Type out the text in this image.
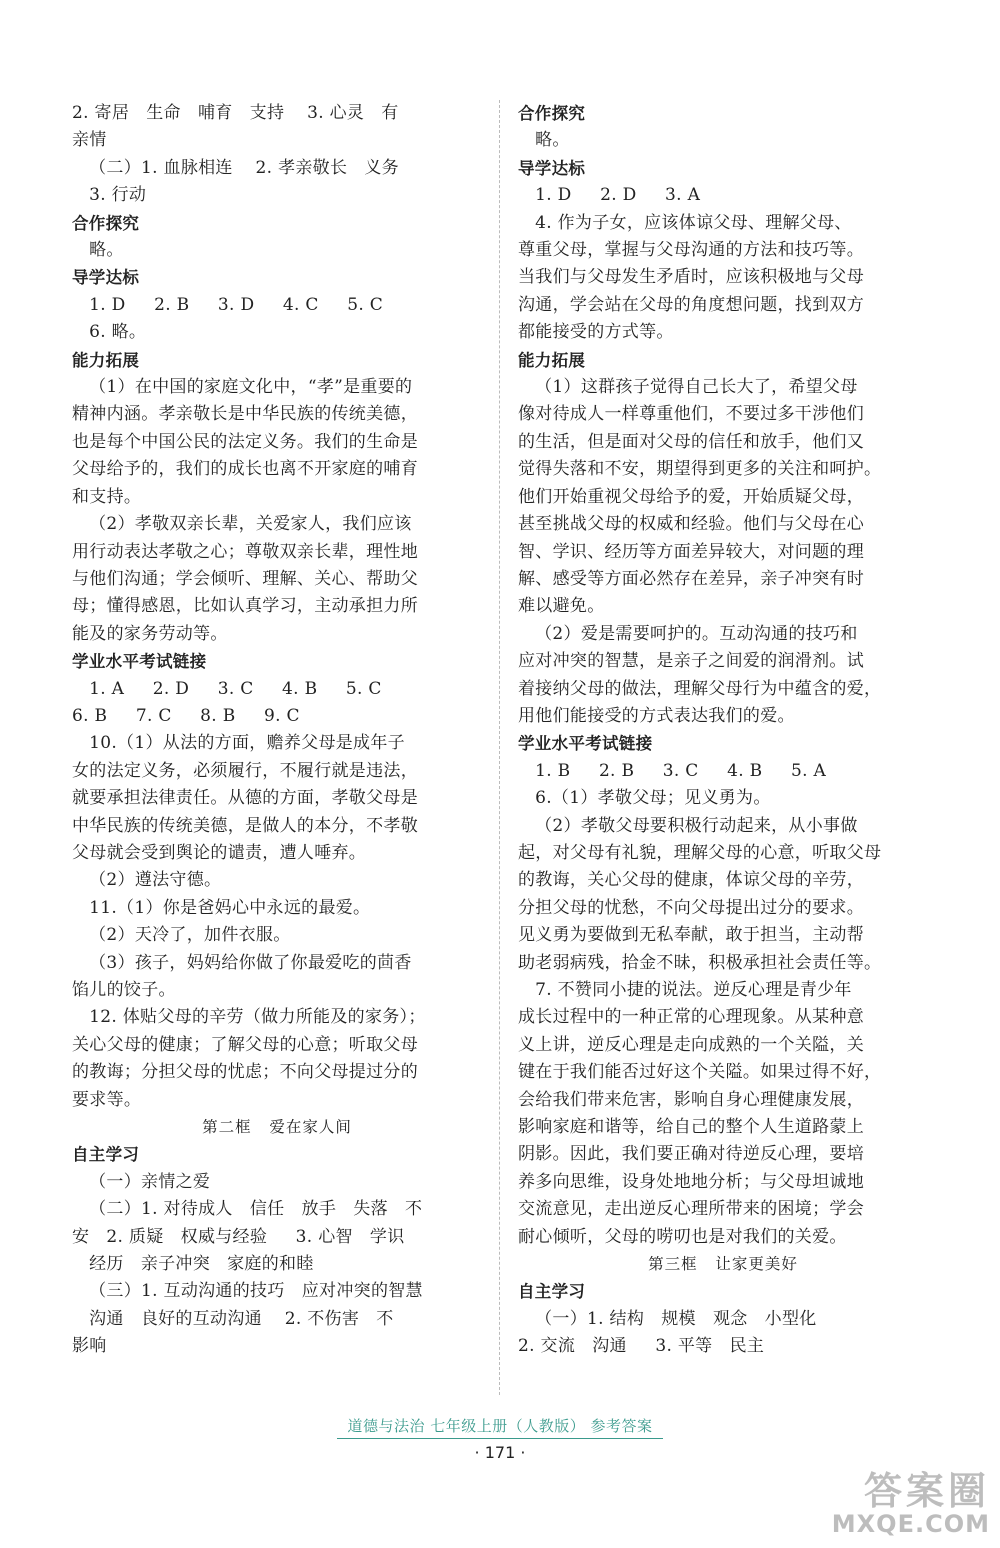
2. 寄居   生命   哺育   支持    3. 心灵   有
亲情
（二）1. 血脉相连    2. 孝亲敬长   义务
3. 行动
合作探究
略。
导学达标
1. D     2. B     3. D     4. C     5. C
6. 略。
能力拓展
（1）在中国的家庭文化中，“孝”是重要的
精神内涵。孝亲敬长是中华民族的传统美德，
也是每个中国公民的法定义务。我们的生命是
父母给予的，我们的成长也离不开家庭的哺育
和支持。
（2）孝敬双亲长辈，关爱家人，我们应该
用行动表达孝敬之心；尊敬双亲长辈，理性地
与他们沟通；学会倾听、理解、关心、帮助父
母；懂得感恩，比如认真学习，主动承担力所
能及的家务劳动等。
学业水平考试链接
1. A     2. D     3. C     4. B     5. C
6. B     7. C     8. B     9. C
10.（1）从法的方面，赡养父母是成年子
女的法定义务，必须履行，不履行就是违法，
就要承担法律责任。从德的方面，孝敬父母是
中华民族的传统美德，是做人的本分，不孝敬
父母就会受到舆论的谴责，遭人唾弃。
（2）遵法守德。
11.（1）你是爸妈心中永远的最爱。
（2）天冷了，加件衣服。
（3）孩子，妈妈给你做了你最爱吃的茴香
馅儿的饺子。
12. 体贴父母的辛劳（做力所能及的家务）；
关心父母的健康；了解父母的心意；听取父母
的教诲；分担父母的忧虑；不向父母提过分的
要求等。
第二框   爱在家人间
自主学习
（一）亲情之爱
（二）1. 对待成人   信任   放手   失落   不
安   2. 质疑   权威与经验     3. 心智   学识
经历   亲子冲突   家庭的和睦
（三）1. 互动沟通的技巧   应对冲突的智慧
沟通   良好的互动沟通    2. 不伤害   不
影响
合作探究
略。
导学达标
1. D     2. D     3. A
4. 作为子女，应该体谅父母、理解父母、
尊重父母，掌握与父母沟通的方法和技巧等。
当我们与父母发生矛盾时，应该积极地与父母
沟通，学会站在父母的角度想问题，找到双方
都能接受的方式等。
能力拓展
（1）这群孩子觉得自己长大了，希望父母
像对待成人一样尊重他们，不要过多干涉他们
的生活，但是面对父母的信任和放手，他们又
觉得失落和不安，期望得到更多的关注和呵护。
他们开始重视父母给予的爱，开始质疑父母，
甚至挑战父母的权威和经验。他们与父母在心
智、学识、经历等方面差异较大，对问题的理
解、感受等方面必然存在差异，亲子冲突有时
难以避免。
（2）爱是需要呵护的。互动沟通的技巧和
应对冲突的智慧，是亲子之间爱的润滑剂。试
着接纳父母的做法，理解父母行为中蕴含的爱，
用他们能接受的方式表达我们的爱。
学业水平考试链接
1. B     2. B     3. C     4. B     5. A
6.（1）孝敬父母；见义勇为。
（2）孝敬父母要积极行动起来，从小事做
起，对父母有礼貌，理解父母的心意，听取父母
的教诲，关心父母的健康，体谅父母的辛劳，
分担父母的忧愁，不向父母提出过分的要求。
见义勇为要做到无私奉献，敢于担当，主动帮
助老弱病残，拾金不昧，积极承担社会责任等。
7. 不赞同小捷的说法。逆反心理是青少年
成长过程中的一种正常的心理现象。从某种意
义上讲，逆反心理是走向成熟的一个关隘，关
键在于我们能否过好这个关隘。如果过得不好，
会给我们带来危害，影响自身心理健康发展，
影响家庭和谐等，给自己的整个人生道路蒙上
阴影。因此，我们要正确对待逆反心理，要培
养多向思维，设身处地地分析；与父母坦诚地
交流意见，走出逆反心理所带来的困境；学会
耐心倾听，父母的唠叨也是对我们的关爱。
第三框   让家更美好
自主学习
（一）1. 结构   规模   观念   小型化
2. 交流   沟通     3. 平等   民主
道德与法治 七年级上册（人教版） 参考答案
· 171 ·
答案圈
MXQE.COM
